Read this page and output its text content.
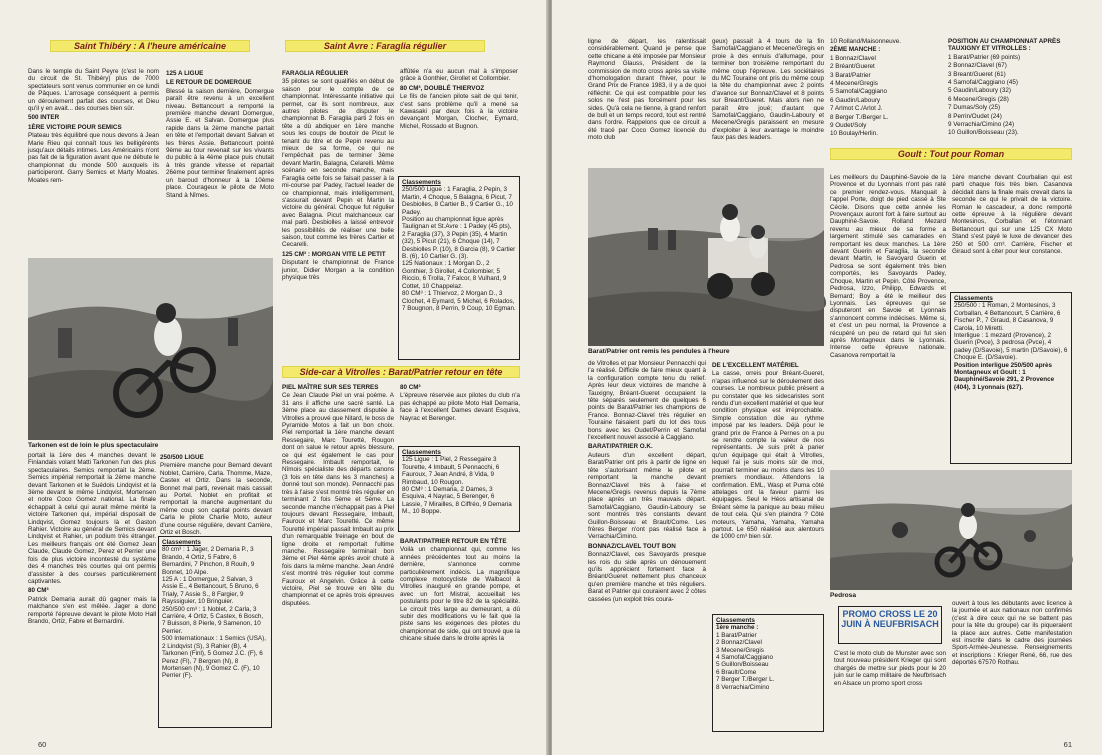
Saint Thibéry : A l'heure américaine	Saint Avre : Faraglia régulier

Dans le temple du Saint Peyre (c'est le nom du circuit de St. Thibéry) plus de 7000 spectateurs sont venus communier en ce lundi de Pâques. L'arrosage conséquent a permis un déroulement parfait des courses, et Dieu qu'il y en avait... des courses bien sûr.

500 INTER

1ÈRE VICTOIRE POUR SEMICS

Plateau très équilibré que nous devons à Jean Marie Rieu qui connaît tous les belligérents jusqu'aux détails intimes. Les Américains n'ont pas fait de la figuration avant que ne débute le championnat du monde 500 auxquels ils participeront. Garry Semics et Marty Moates. Moates rem-

125 A LIGUE

LE RETOUR DE DOMERGUE

Blessé la saison dernière, Domergue paraît être revenu à un excellent niveau. Bettancourt a remporté la première manche devant Domergue, Assie E. et Salvan. Domergue plus rapide dans la 2ème manche partait en tête et l'emportait devant Salvan et les frères Assie. Bettancourt pointé 9ème au tour revenait sur les vivants du public à la 4ème place puis chutait à très grande vitesse et repartait 26ème pour terminer finalement après un baroud d'honneur à la 10ème place. Courageux le pilote de Moto Stand à Nîmes.

Tarkonen est de loin le plus spectaculaire

portait la 1ère des 4 manches devant le Finlandais volant Matti Tarkonen l'un des plus spectaculaires. Semics remportait la 2ème. Semics impérial remportait la 2ème manche devant Tarkonen et le Suédois Lindqvist et la 3ème devant le même Lindqvist, Mortensen et notre Coco Gomez national. La finale échappait à celui qui aurait même mérité la victoire Tarkonen qui, impérial disposait de Lindqvist, Gomez toujours là et Gaston Rahier. Victoire au général de Semics devant Lindqvist et Rahier, un podium très étranger. Les meilleurs français ont été Gomez Jean Claude, Claude Gomez, Perez et Perrier une fois de plus victoire incontesté du système des 4 manches très courtes qui ont permis d'assister à des courses particulièrement captivantes.

80 CM³

Patrick Demaria aurait dû gagner mais la malchance s'en est mêlée. Jager a donc remporté l'épreuve devant le pilote Moto Hall Brando, Ortiz, Fabre et Bernardini.

250/500 LIGUE

Première manche pour Bernard devant Noblet, Carrière, Carla. Thomme, Maze, Castex et Ortiz. Dans la seconde, Bonnet mal parti, revenait mais cassait au Portel. Noblet en profitait et remportait la manche augmentant du même coup son capital points devant Carla le pilote Charlie Moto, auteur d'une course régulière, devant Carrière, Ortiz et Bosch.

Classements

80 cm³ : 1 Jager, 2 Demaria P., 3 Brando, 4 Ortiz, 5 Fabre, 6 Bernardini, 7 Pinchon, 8 Rouih, 9 Bonnet, 10 Alpe.

125 A : 1 Domergue, 2 Salvan, 3 Assie E., 4 Bettancourt, 5 Bruno, 6 Trialy, 7 Assie S., 8 Fargier, 9 Rayssiguier, 10 Bringuier.

250/500 cm³ : 1 Noblet, 2 Carla, 3 Carrière, 4 Ortiz, 5 Castex, 6 Bosch, 7 Buisson, 8 Pierle, 9 Samenon, 10 Perrier.

500 Internationaux : 1 Semics (USA), 2 Lindqvist (S), 3 Rahier (B), 4 Tarkonen (Finl), 5 Gomez J.C. (F), 6 Perez (Fl), 7 Bergren (N), 8 Mortensen (N), 9 Gomez C. (F), 10 Perrier (F).

FARAGLIA RÉGULIER

35 pilotes se sont qualifiés en début de saison pour le compte de ce championnat. Intéressante initiative qui permet, car ils sont nombreux, aux autres pilotes de disputer le championnat B. Faraglia parti 2 fois en tête a dû abdiquer en 1ère manche sous les coups de boutoir de Picut le tenant du titre et de Pepin revenu au mieux de sa forme, ce qui ne l'empêchait pas de terminer 3ème devant Martin, Balagna, Celarelli. Même scénario en seconde manche, mais Faraglia cette fois se faisait passer à la mi-course par Padey, l'actuel leader de ce championnat, mais intelligemment, s'assurait devant Pepin et Martin la victoire du général. Choque fut régulier avec Balagna. Picut malchanceux car mal parti. Desbiolles a laissé entrevoir les possibilités de réaliser une belle saison, tout comme les frères Cartier et Cecarelli.

125 CM³ : MORGAN VITE LE PETIT

Disputant le championnat de France junior, Didier Morgan a la condition physique très

affûtée n'a eu aucun mal à s'imposer grâce à Gonthier, Girollet et Collombier.

80 CM³, DOUBLÉ THIERVOZ

Le fils de l'ancien pilote sait de qui tenir, c'est sans problème qu'il a mené sa Kawasaki par deux fois à la victoire devançant Morgan, Clocher, Eymard, Michel, Rossado et Bugnon.

Classements

250/500 Ligue : 1 Faraglia, 2 Pepin, 3 Martin, 4 Choque, 5 Balagna, 6 Picut, 7 Desbiolles, 8 Cartier B., 9 Cartier G., 10 Padey.

Position au championnat ligue après Taulignan et St.Avre : 1 Padey (45 pts), 2 Faraglia (37), 3 Pepin (35), 4 Martin (32), 5 Picut (21), 6 Choque (14), 7 Desbiolles P. (10), 8 Garcia (8), 9 Cartier B. (6), 10 Cartier G. (3).

125 Nationaux : 1 Morgan D., 2 Gonthier, 3 Girollet, 4 Collombier, 5 Riccio, 6 Trolla, 7 Falcor, 8 Vulhard, 9 Cottet, 10 Chappelaz.

80 CM³ : 1 Thiervoz, 2 Morgan D., 3 Clochet, 4 Eymard, 5 Michel, 6 Rolados, 7 Bougnon, 8 Perrin, 9 Coup, 10 Egman.

Side-car à Vitrolles : Barat/Patrier retour en tête

PIEL MAÎTRE SUR SES TERRES

Ce Jean Claude Piel un vrai poème. A 31 ans il affiche une sacré santé. La 3ème place au classement disputée à Vitrolles a prouvé que Nitard, le boss de Pyramide Motos a fait un bon choix. Piel remportait la 1ère manche devant Ressegaire, Marc Touretté, Rougon dont on salue le retour après blessure, ce qui est également le cas pour Ressegaire. Imbault remportait, le Nîmois spécialiste des départs canons (3 fois en tête dans les 3 manches) a donné tout son monde). Pennacchi pas très à l'aise s'est montré très régulier en terminant 2 fois 5ème et 5ème. La seconde manche n'échappait pas à Piel toujours devant Ressegaire, Imbault, Fauroux et Marc Touretté. Ce même Touretté impérial passait Imbault au prix d'un remarquable freinage en bout de ligne droite et remportait l'ultime manche. Ressegaire terminait bon 3ème et Piel 4ème après avoir chuté à fois dans la même manche. Jean André s'est montré très régulier tout comme Fauroux et Angelvin. Grâce à cette victoire, Piel se trouve en tête du championnat et ce après trois épreuves disputées.

80 CM³

L'épreuve réservée aux pilotes du club n'a pas échappé au pilote Moto Hall Demaria, face à l'excellent Dames devant Esquiva, Nayrac et Berenger.

Classements

125 Ligue : 1 Piel, 2 Ressegaire 3 Tourette, 4 Imbault, 5 Pennacchi, 6 Fauroux, 7 Jean André, 8 Vida, 9 Rimbaud, 10 Rougon.

80 CM³ : 1 Demaria, 2 Dames, 3 Esquiva, 4 Nayrac, 5 Berenger, 6 Lassie, 7 Mirailles, 8 Ciffréo, 9 Demaria M., 10 Boppe.

BARAT/PATRIER RETOUR EN TÊTE

Voilà un championnat qui, comme les années précédentes tout au moins la dernière, s'annonce comme particulièrement indécis. La magnifique complexe motocycliste de Walbacol à Vitrolles inauguré en grande pompe, et avec un fort Mistral, accueillait les postulants pour le titre 82 de la spécialité. Le circuit très large au demeurant, a dû subir des modifications vu le fait que la piste sans les exigences des pilotes du championnat de side, qui ont trouvé que la chicane située dans le droite après la

60

ligne de départ, les ralentissait considérablement. Quand je pense que cette chicane a été imposée par Monsieur Raymond Glauss, Président de la commission de moto cross après sa visite d'homologation durant l'hiver, pour le Grand Prix de France 1983, il y a de quoi réfléchir. Ce qui est compatible pour les solos ne l'est pas forcément pour les sides. Qu'à cela ne tienne, à grand renfort de bull et un temps record, tout est rentré dans l'ordre. Rappelons que ce circuit a été tracé par Coco Gomez licencié du moto club

geux) passait à 4 tours de la fin Samofal/Caggiano et Mecene/Gregis en proie à des ennuis d'allumage, pour terminer bon troisième remportant du même coup l'épreuve. Les sociétaires du MC Touraine ont pris du même coup la tête du championnat avec 2 points d'avance sur Bonnaz/Clavel et 8 points sur Breant/Gueret. Mais alors rien ne paraît être joué; d'autant que Samofal/Caggiano, Gaudin-Laboury et Mecene/Gregis paraissent en mesure d'exploiter à leur avantage le moindre faux pas des leaders.

Barat/Patrier ont remis les pendules à l'heure

de Vitrolles et par Monsieur Pennacchi qui l'a réalisé. Difficile de faire mieux quant à la configuration compte tenu du relief. Après leur deux victoires de manche à Tauxigny, Bréant-Gueret occupaient la tête séparés seulement de quelques 6 points de Barat/Patrier les champions de France. Bonnaz-Clavel très régulier en Touraine faisaient parti du lot des tous bons avec les Oudet/Perrin et Samofal l'excellent nouvel associé à Caggiano.

BARAT/PATRIER O.K.

Auteurs d'un excellent départ, Barat/Patrier ont pris à partir de ligne en tête s'autorisant même le pilote et remportant la manche devant Bonnaz/Clavel très à l'aise et Mecene/Gregis revenus depuis la 7ème place après un très mauvais départ. Samofal/Caggiano, Gaudin-Laboury se sont montrés très constants devant Guillon-Boisseau et Brault/Come. Les frères Berger n'ont pas réalisé face à Verrachia/Cimino.

BONNAZ/CLAVEL TOUT BON

Bonnaz/Clavel, ces Savoyards presque les rois du side après un dénouement qu'ils apprécient fortement face à Bréant/Gueret nettement plus chanceux qu'en première manche et très réguliers. Barat et Patrier qui couraient avec 2 côtes cassées (un exploit très coura-

DE L'EXCELLENT MATÉRIEL

La casse, orreis pour Bréant-Gueret, n'apas influencé sur le déroulement des courses. Le nombreux public présent a pu constater que les sidecaristes sont rendu d'un excellent matériel et que leur condition physique est irréprochable. Simple constation dûe au rythme imposé par les leaders. Déjà pour le grand prix de France à Pernes on a pu se rendre compte la valeur de nos représentants. Je suis prêt à parier qu'un équipage qui était à Vitrolles, lequel l'ai je suis moins sûr de moi, pourrait terminer au moins dans les 10 premiers mondiaux. Attendons la confirmation. EML, Wasp et Puma côté attelages ont la faveur parmi les équipages. Seul le Héos artisanal de Bréant sème la panique au beau milieu de tout cela. Qui s'en plaindra ? Côté moteurs, Yamaha, Yamaha, Yamaha partout. Le 650 réalésé aux alentours de 1000 cm³ bien sûr.

Classements
1ère manche :

1 Barat/Patrier

2 Bonnaz/Clavel

3 Mecene/Gregis

4 Samofal/Caggiano

5 Guillon/Boisseau

6 Brault/Come

7 Berger T./Berger L.

8 Verrachia/Cimino

10 Rolland/Maisonneuve.

2ÈME MANCHE :

1 Bonnaz/Clavel

2 Bréant/Gueret

3 Barat/Patrier

4 Mecene/Gregis

5 Samofal/Caggiano

6 Gaudin/Laboury

7 Arlmot C./Arlot J.

8 Berger T./Berger L.

9 Oudet/Soly

10 Boulay/Herlin.

POSITION AU CHAMPIONNAT APRÈS TAUXIGNY ET VITROLLES :

1 Barat/Patrier (69 points)

2 Bonnaz/Clavel (67)

3 Breant/Gueret (61)

4 Samofal/Caggiano (45)

5 Gaudin/Laboury (32)

6 Mecene/Gregis (28)

7 Dumas/Soly (25)

8 Perrin/Oudet (24)

9 Verrachia/Cimino (24)

10 Guillon/Boisseau (23).

Goult : Tout pour Roman

Les meilleurs du Dauphiné-Savoie de la Provence et du Lyonnais n'ont pas raté ce premier rendez-vous. Manquait à l'appel Porte, doigt de pied cassé à Ste Cécile. Disons que cette année les Provençaux auront fort à faire surtout au Dauphiné-Savoie. Rolland Mezard revenu au mieux de sa forme a largement stimulé ses camarades en remportant les deux manches. La 1ère devant Guerin et Faraglia, la seconde devant Martin, le Savoyard Guerin et Pedrosa se sont également très bien comportés, les Savoyards Padey, Choque, Martin et Pepin. Côté Provence, Pedrosa, Izzo, Philipp, Edwards et Bernard; Boy a été le meilleur des Lyonnais. Les épreuves qui se disputeront en Savoie et Lyonnais s'annoncent comme indécises. Même si, et c'est un peu normal, la Provence a récupéré un peu de retard qui fut sien après Montagneux dans le Lyonnais. Intense cette épreuve nationale. Casanova remportait la

1ère manche devant Courbalian qui est parti chaque fois très bien. Casanova décidait dans la finale mais crevait dans la seconde ce qui le privait de la victoire. Roman le cascadeur, a donc remporté cette épreuve à la régulière devant Montesinos, Corballan et l'étonnant Bettancourt qui sur une 125 CX Moto Stand s'est payé le luxe de devancer des 250 et 500 cm³. Carrière, Fischer et Giraud sont à citer pour leur constance.

Classements

250/500 : 1 Roman, 2 Montesinos, 3 Corballan, 4 Bettancourt, 5 Carrière, 6 Fischer P., 7 Giraud, 8 Casanova, 9 Carola, 10 Miretti.

Interligue : 1 mezard (Provence), 2 Guerin (Pvce), 3 pedrosa (Pvce), 4 padey (D/Savoie), 5 martin (D/Savoie), 6 Choque E. (D/Savoie).

Position interligue 250/500 après Montagneux et Goult : 1 Dauphiné/Savoie 291, 2 Provence (404), 3 Lyonnais (627).

Pedrosa
PROMO CROSS LE 20 JUIN À NEUFBRISACH

C'est le moto club de Munster avec son tout nouveau président Krieger qui sont chargés de mettre sur pieds pour le 20 juin sur le camp militaire de Neufbrisach en Alsace un promo sport cross

ouvert à tous les débutants avec licence à la journée et aux nationaux non confirmés (c'est à dire ceux qui ne se battent pas pour la tête du groupe) car ils piqueraient la place aux autres. Cette manifestation est inscrite dans le cadre des journées Sport-Armée-Jeunesse. Renseignements et inscriptions : Krieger René, 66, rue des déportés 67570 Rothau.

61
